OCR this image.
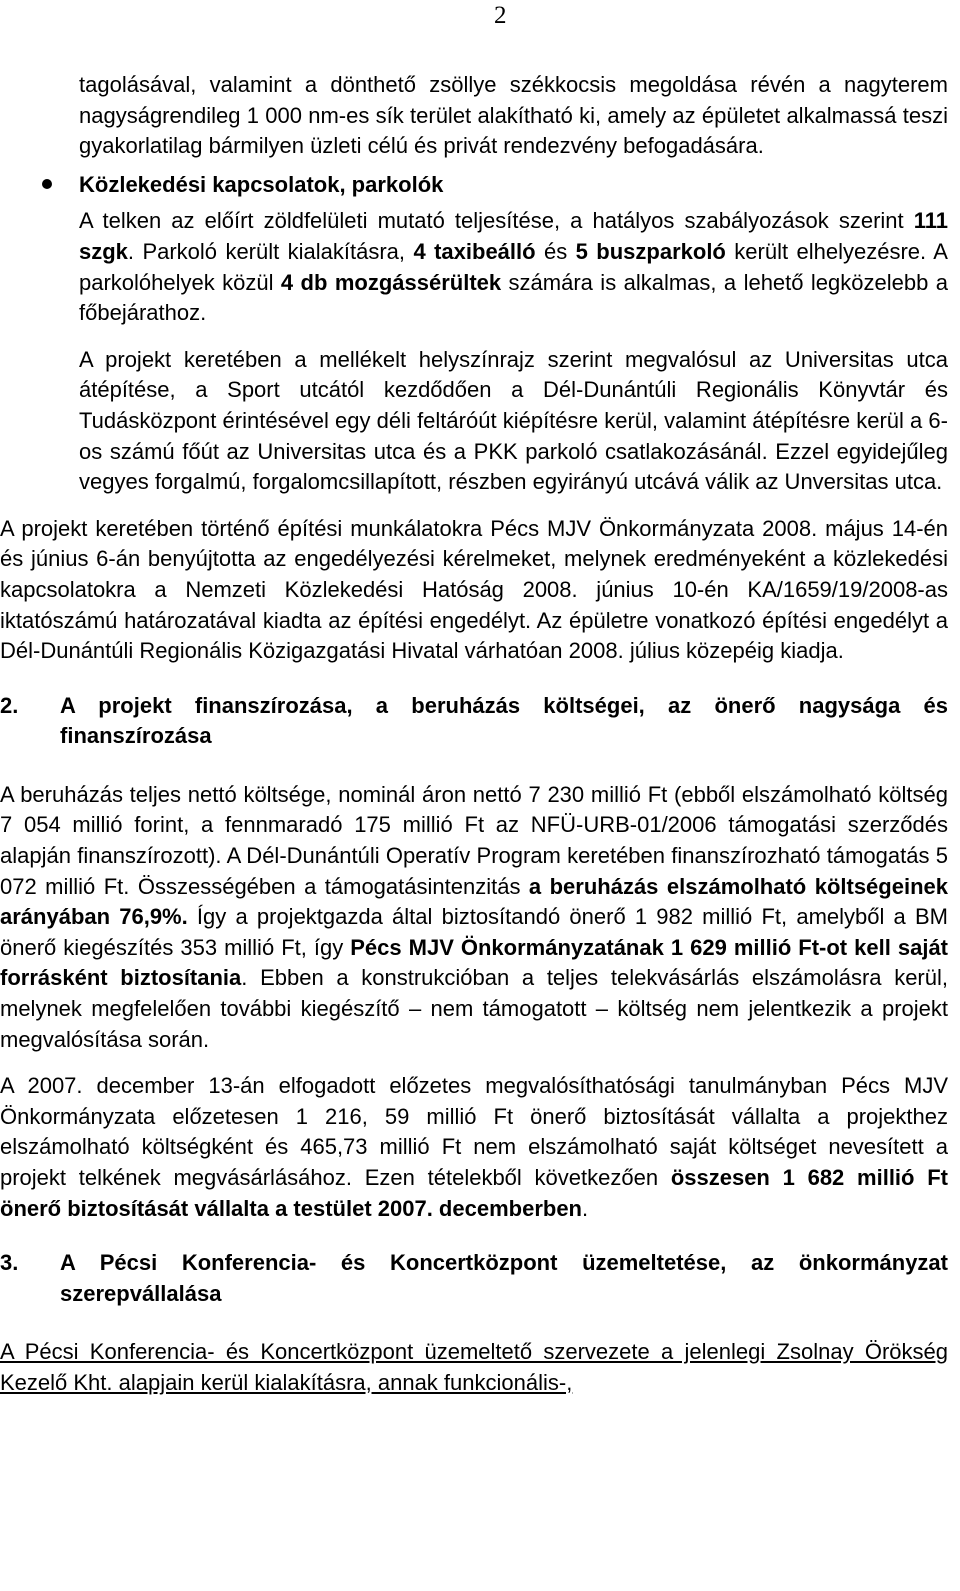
2

tagolásával, valamint a dönthető zsöllye székkocsis megoldása révén a nagyterem nagyságrendileg 1 000 nm-es sík terület alakítható ki, amely az épületet alkalmassá teszi gyakorlatilag bármilyen üzleti célú és privát rendezvény befogadására.

Közlekedési kapcsolatok, parkolók

A telken az előírt zöldfelületi mutató teljesítése, a hatályos szabályozások szerint 111 szgk. Parkoló került kialakításra, 4 taxibeálló és 5 buszparkoló került elhelyezésre. A parkolóhelyek közül 4 db mozgássérültek számára is alkalmas, a lehető legközelebb a főbejárathoz.

A projekt keretében a mellékelt helyszínrajz szerint megvalósul az Universitas utca átépítése, a Sport utcától kezdődően a Dél-Dunántúli Regionális Könyvtár és Tudásközpont érintésével egy déli feltáróút kiépítésre kerül, valamint átépítésre kerül a 6-os számú főút az Universitas utca és a PKK parkoló csatlakozásánál. Ezzel egyidejűleg vegyes forgalmú, forgalomcsillapított, részben egyirányú utcává válik az Unversitas utca.

A projekt keretében történő építési munkálatokra Pécs MJV Önkormányzata 2008. május 14-én és június 6-án benyújtotta az engedélyezési kérelmeket, melynek eredményeként a közlekedési kapcsolatokra a Nemzeti Közlekedési Hatóság 2008. június 10-én KA/1659/19/2008-as iktatószámú határozatával kiadta az építési engedélyt. Az épületre vonatkozó építési engedélyt a Dél-Dunántúli Regionális Közigazgatási Hivatal várhatóan 2008. július közepéig kiadja.

2.	A projekt finanszírozása, a beruházás költségei, az önerő nagysága és finanszírozása

A beruházás teljes nettó költsége, nominál áron nettó 7 230 millió Ft (ebből elszámolható költség 7 054 millió forint, a fennmaradó 175 millió Ft az NFÜ-URB-01/2006 támogatási szerződés alapján finanszírozott). A Dél-Dunántúli Operatív Program keretében finanszírozható támogatás 5 072 millió Ft. Összességében a támogatásintenzitás a beruházás elszámolható költségeinek arányában 76,9%. Így a projektgazda által biztosítandó önerő 1 982 millió Ft, amelyből a BM önerő kiegészítés 353 millió Ft, így Pécs MJV Önkormányzatának 1 629 millió Ft-ot kell saját forrásként biztosítania. Ebben a konstrukcióban a teljes telekvásárlás elszámolásra kerül, melynek megfelelően további kiegészítő – nem támogatott – költség nem jelentkezik a projekt megvalósítása során.

A 2007. december 13-án elfogadott előzetes megvalósíthatósági tanulmányban Pécs MJV Önkormányzata előzetesen 1 216, 59 millió Ft önerő biztosítását vállalta a projekthez elszámolható költségként és 465,73 millió Ft nem elszámolható saját költséget nevesített a projekt telkének megvásárlásához. Ezen tételekből következően összesen 1 682 millió Ft önerő biztosítását vállalta a testület 2007. decemberben.

3.	A Pécsi Konferencia- és Koncertközpont üzemeltetése, az önkormányzat szerepvállalása

A Pécsi Konferencia- és Koncertközpont üzemeltető szervezete a jelenlegi Zsolnay Örökség Kezelő Kht. alapjain kerül kialakításra, annak funkcionális-,
